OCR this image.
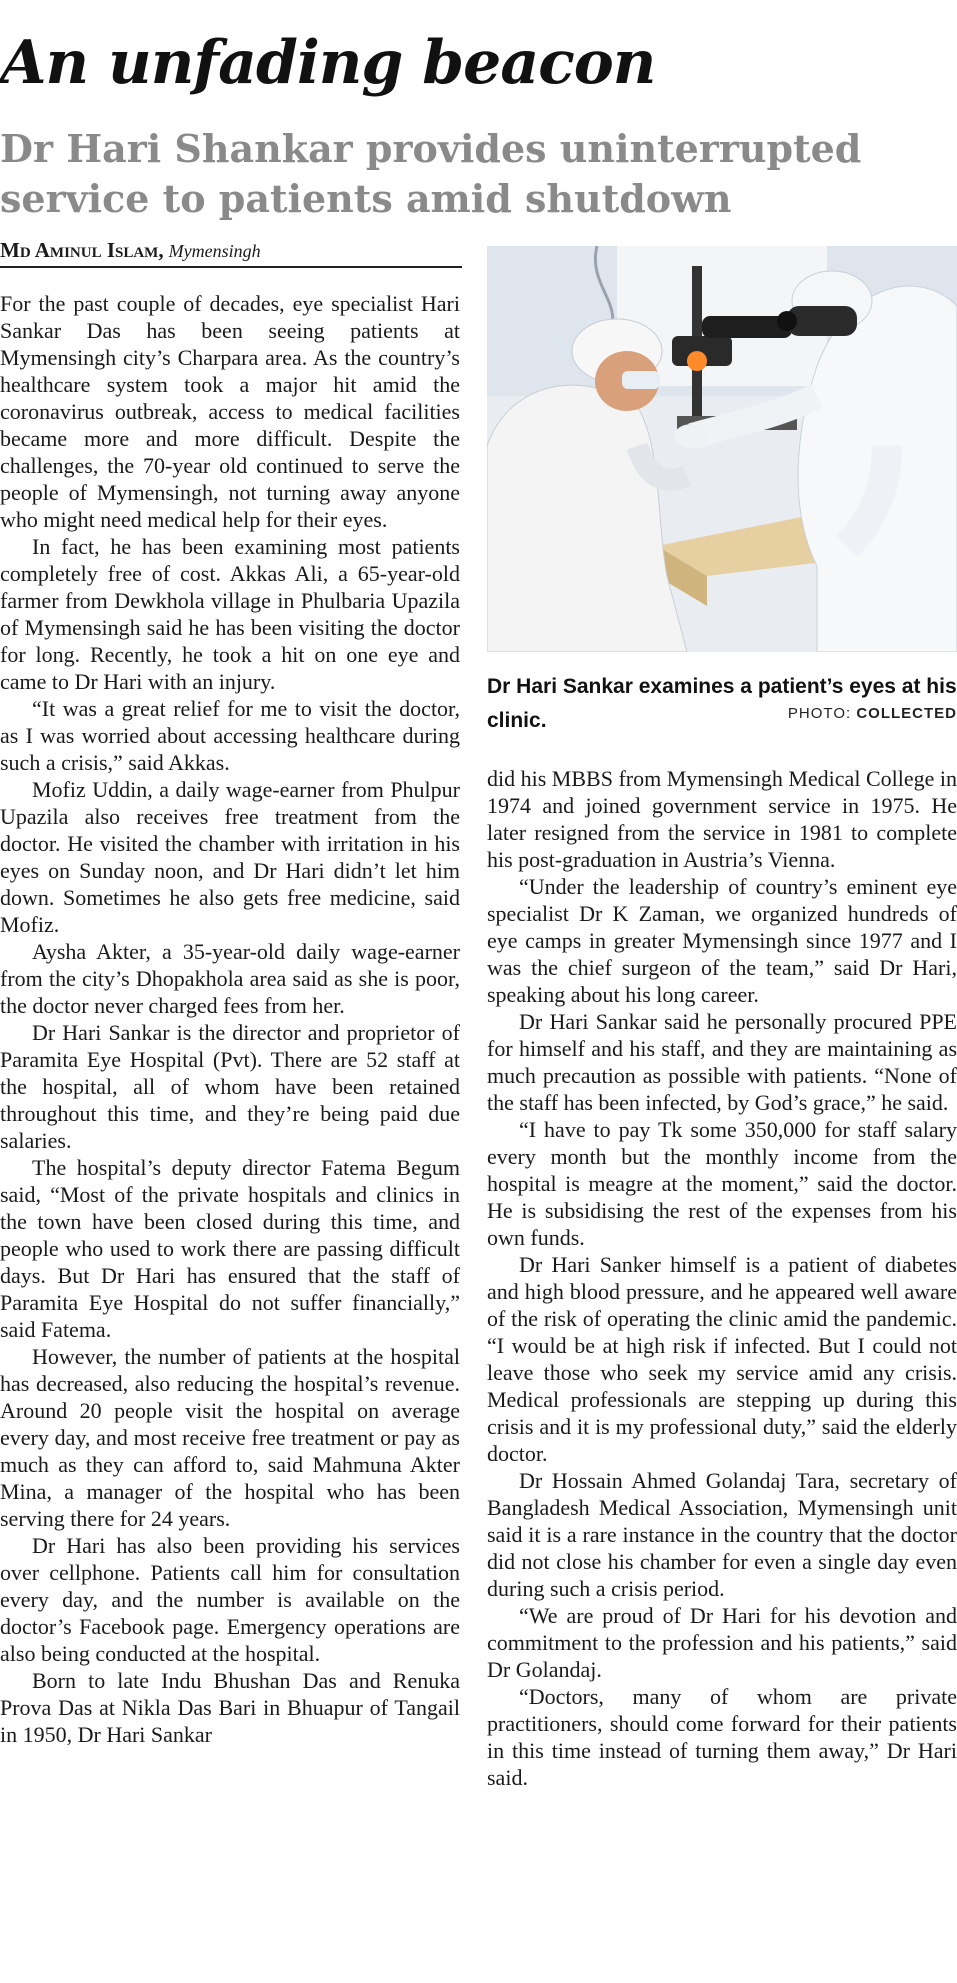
An unfading beacon
Dr Hari Shankar provides uninterrupted service to patients amid shutdown
Md Aminul Islam, Mymensingh

For the past couple of decades, eye specialist Hari Sankar Das has been seeing patients at Mymensingh city’s Charpara area. As the country’s healthcare system took a major hit amid the coronavirus outbreak, access to medical facilities became more and more difficult. Despite the challenges, the 70-year old continued to serve the people of Mymensingh, not turning away anyone who might need medical help for their eyes.

In fact, he has been examining most patients completely free of cost. Akkas Ali, a 65-year-old farmer from Dewkhola village in Phulbaria Upazila of Mymensingh said he has been visiting the doctor for long. Recently, he took a hit on one eye and came to Dr Hari with an injury.

“It was a great relief for me to visit the doctor, as I was worried about accessing healthcare during such a crisis,” said Akkas.

Mofiz Uddin, a daily wage-earner from Phulpur Upazila also receives free treatment from the doctor. He visited the chamber with irritation in his eyes on Sunday noon, and Dr Hari didn’t let him down. Sometimes he also gets free medicine, said Mofiz.

Aysha Akter, a 35-year-old daily wage-earner from the city’s Dhopakhola area said as she is poor, the doctor never charged fees from her.

Dr Hari Sankar is the director and proprietor of Paramita Eye Hospital (Pvt). There are 52 staff at the hospital, all of whom have been retained throughout this time, and they’re being paid due salaries.

The hospital’s deputy director Fatema Begum said, “Most of the private hospitals and clinics in the town have been closed during this time, and people who used to work there are passing difficult days. But Dr Hari has ensured that the staff of Paramita Eye Hospital do not suffer financially,” said Fatema.

However, the number of patients at the hospital has decreased, also reducing the hospital’s revenue. Around 20 people visit the hospital on average every day, and most receive free treatment or pay as much as they can afford to, said Mahmuna Akter Mina, a manager of the hospital who has been serving there for 24 years.

Dr Hari has also been providing his services over cellphone. Patients call him for consultation every day, and the number is available on the doctor’s Facebook page. Emergency operations are also being conducted at the hospital.

Born to late Indu Bhushan Das and Renuka Prova Das at Nikla Das Bari in Bhuapur of Tangail in 1950, Dr Hari Sankar

Dr Hari Sankar examines a patient’s eyes at his clinic.	PHOTO: COLLECTED

did his MBBS from Mymensingh Medical College in 1974 and joined government service in 1975. He later resigned from the service in 1981 to complete his post-graduation in Austria’s Vienna.

“Under the leadership of country’s eminent eye specialist Dr K Zaman, we organized hundreds of eye camps in greater Mymensingh since 1977 and I was the chief surgeon of the team,” said Dr Hari, speaking about his long career.

Dr Hari Sankar said he personally procured PPE for himself and his staff, and they are maintaining as much precaution as possible with patients. “None of the staff has been infected, by God’s grace,” he said.

“I have to pay Tk some 350,000 for staff salary every month but the monthly income from the hospital is meagre at the moment,” said the doctor. He is subsidising the rest of the expenses from his own funds.

Dr Hari Sanker himself is a patient of diabetes and high blood pressure, and he appeared well aware of the risk of operating the clinic amid the pandemic. “I would be at high risk if infected. But I could not leave those who seek my service amid any crisis. Medical professionals are stepping up during this crisis and it is my professional duty,” said the elderly doctor.

Dr Hossain Ahmed Golandaj Tara, secretary of Bangladesh Medical Association, Mymensingh unit said it is a rare instance in the country that the doctor did not close his chamber for even a single day even during such a crisis period.

“We are proud of Dr Hari for his devotion and commitment to the profession and his patients,” said Dr Golandaj.

“Doctors, many of whom are private practitioners, should come forward for their patients in this time instead of turning them away,” Dr Hari said.
